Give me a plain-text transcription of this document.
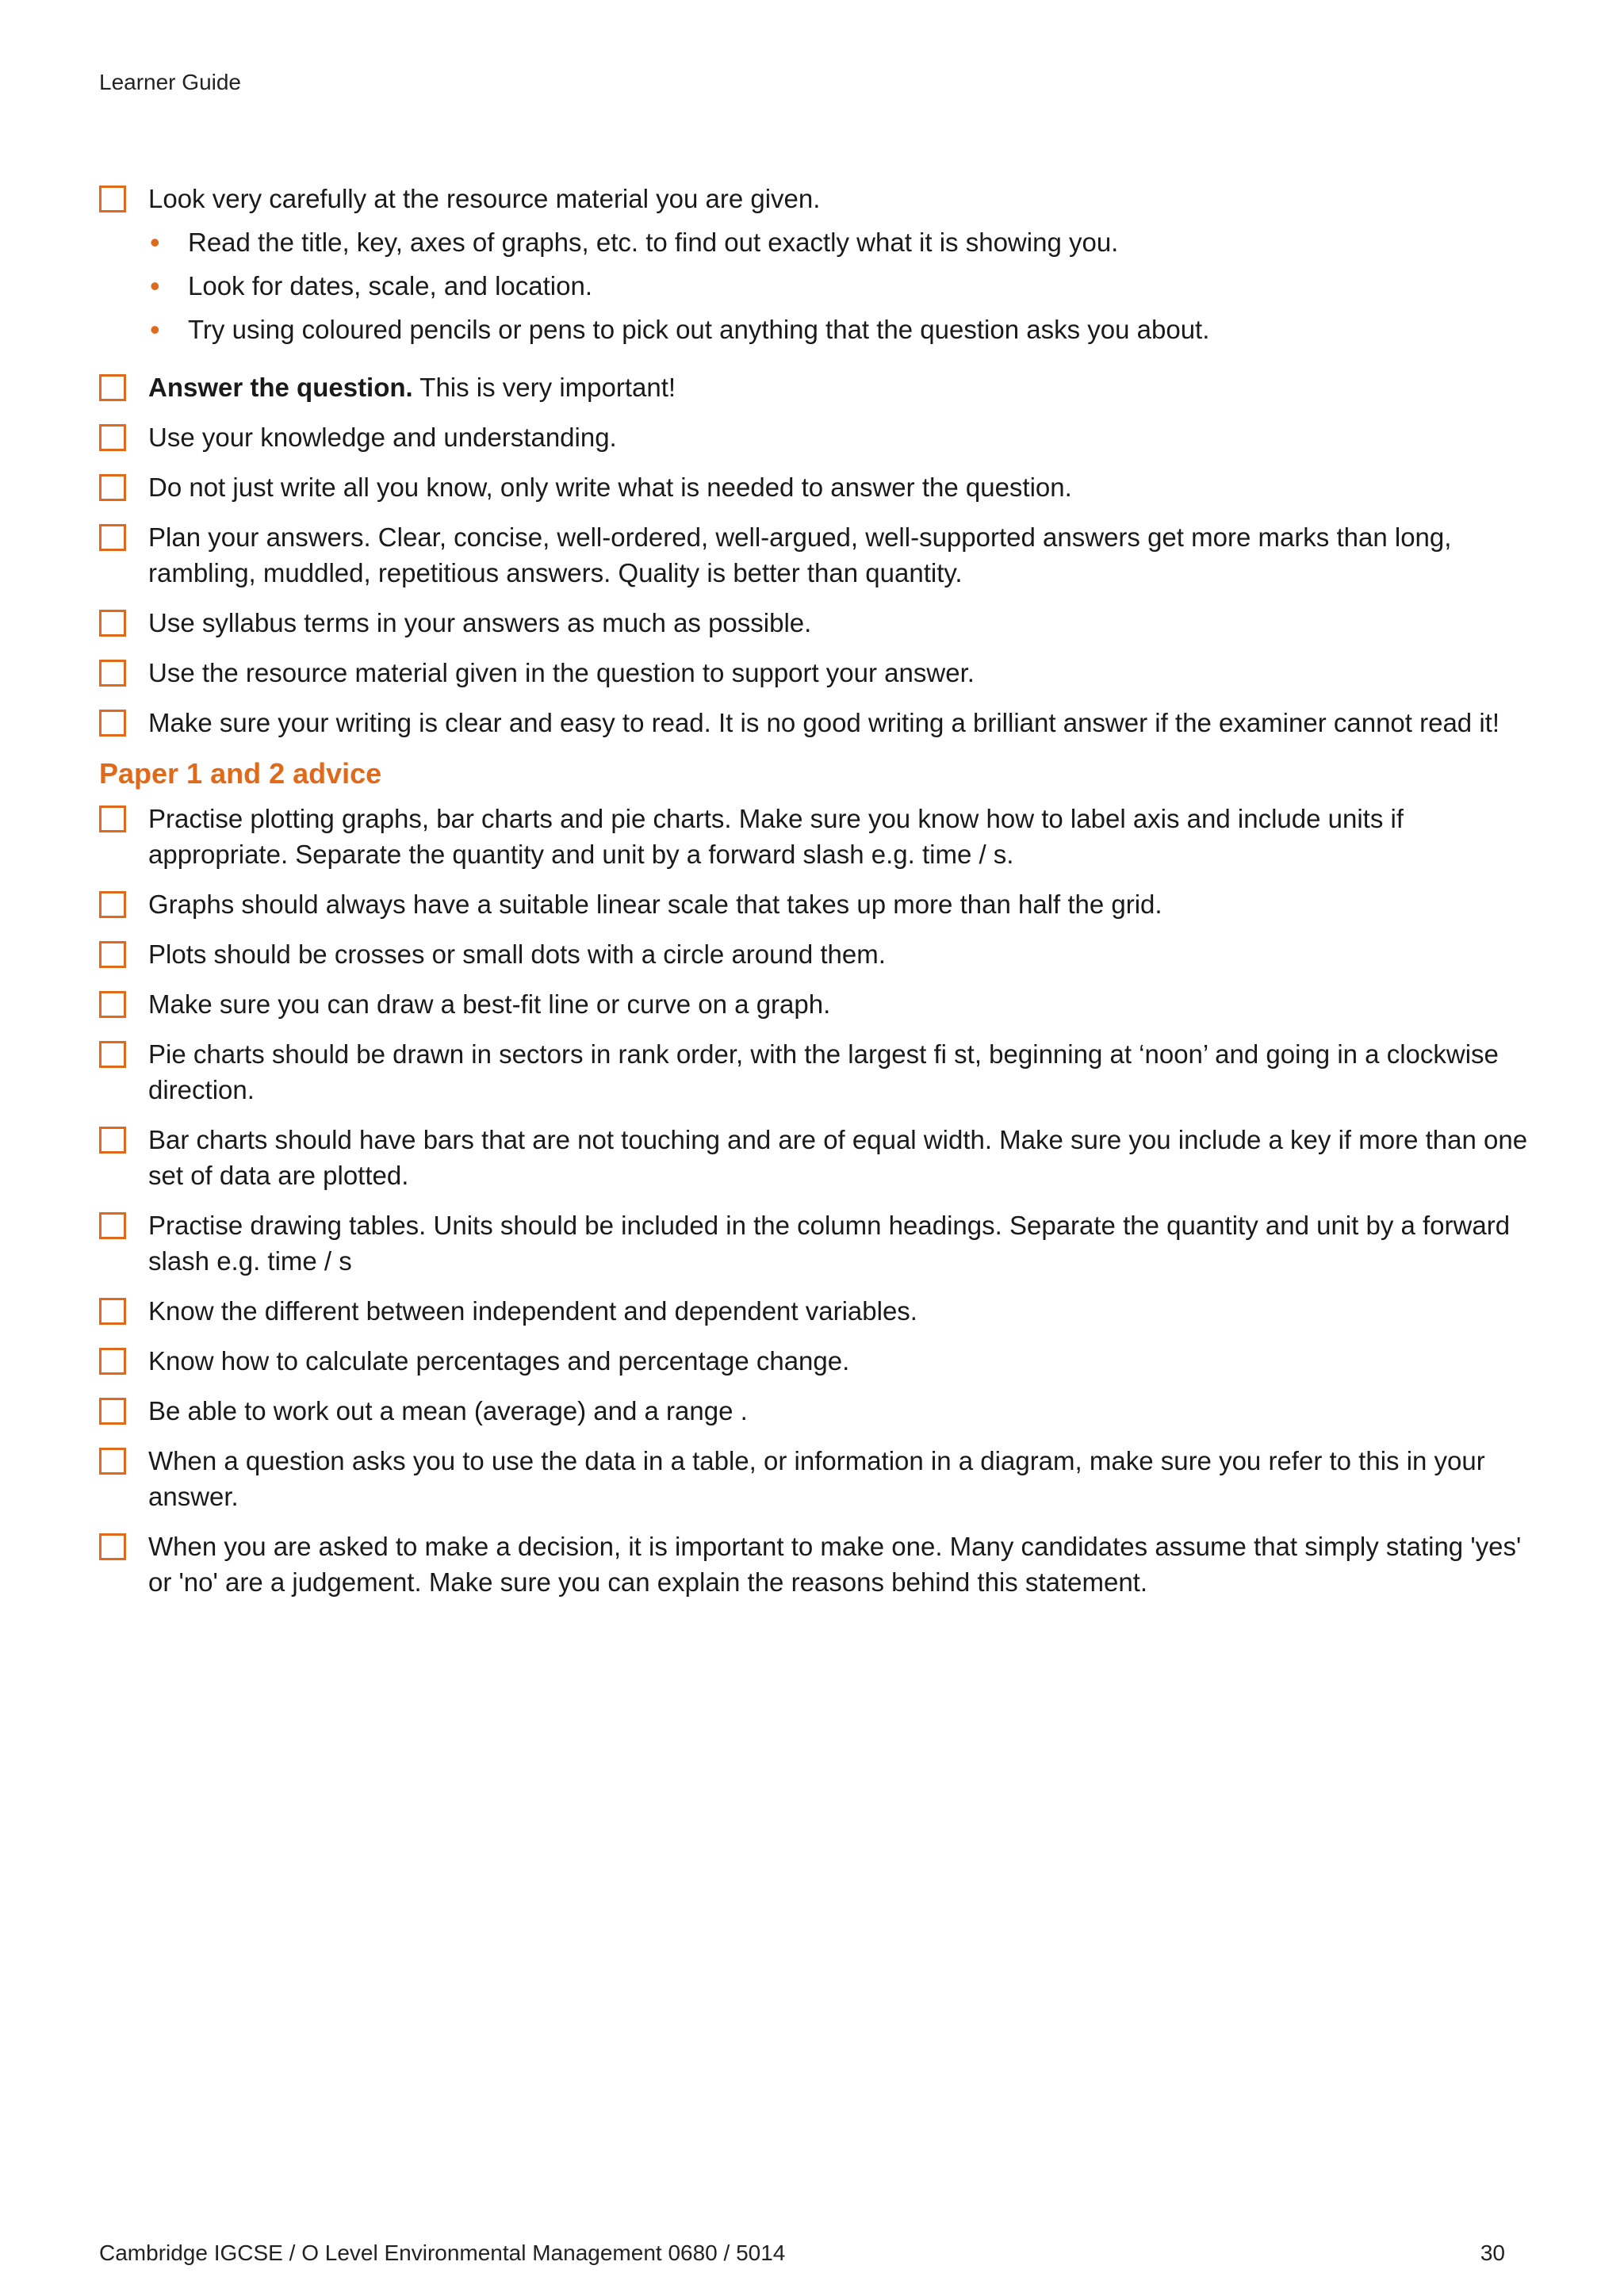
Learner Guide
Look very carefully at the resource material you are given.
• Read the title, key, axes of graphs, etc. to find out exactly what it is showing you.
• Look for dates, scale, and location.
• Try using coloured pencils or pens to pick out anything that the question asks you about.
Answer the question. This is very important!
Use your knowledge and understanding.
Do not just write all you know, only write what is needed to answer the question.
Plan your answers. Clear, concise, well-ordered, well-argued, well-supported answers get more marks than long, rambling, muddled, repetitious answers. Quality is better than quantity.
Use syllabus terms in your answers as much as possible.
Use the resource material given in the question to support your answer.
Make sure your writing is clear and easy to read. It is no good writing a brilliant answer if the examiner cannot read it!
Paper 1 and 2 advice
Practise plotting graphs, bar charts and pie charts. Make sure you know how to label axis and include units if appropriate. Separate the quantity and unit by a forward slash e.g. time / s.
Graphs should always have a suitable linear scale that takes up more than half the grid.
Plots should be crosses or small dots with a circle around them.
Make sure you can draw a best-fit line or curve on a graph.
Pie charts should be drawn in sectors in rank order, with the largest fi st, beginning at ‘noon’ and going in a clockwise direction.
Bar charts should have bars that are not touching and are of equal width. Make sure you include a key if more than one set of data are plotted.
Practise drawing tables. Units should be included in the column headings. Separate the quantity and unit by a forward slash e.g. time / s
Know the different between independent and dependent variables.
Know how to calculate percentages and percentage change.
Be able to work out a mean (average) and a range .
When a question asks you to use the data in a table, or information in a diagram, make sure you refer to this in your answer.
When you are asked to make a decision, it is important to make one. Many candidates assume that simply stating 'yes' or 'no' are a judgement. Make sure you can explain the reasons behind this statement.
Cambridge IGCSE / O Level Environmental Management 0680 / 5014	30
